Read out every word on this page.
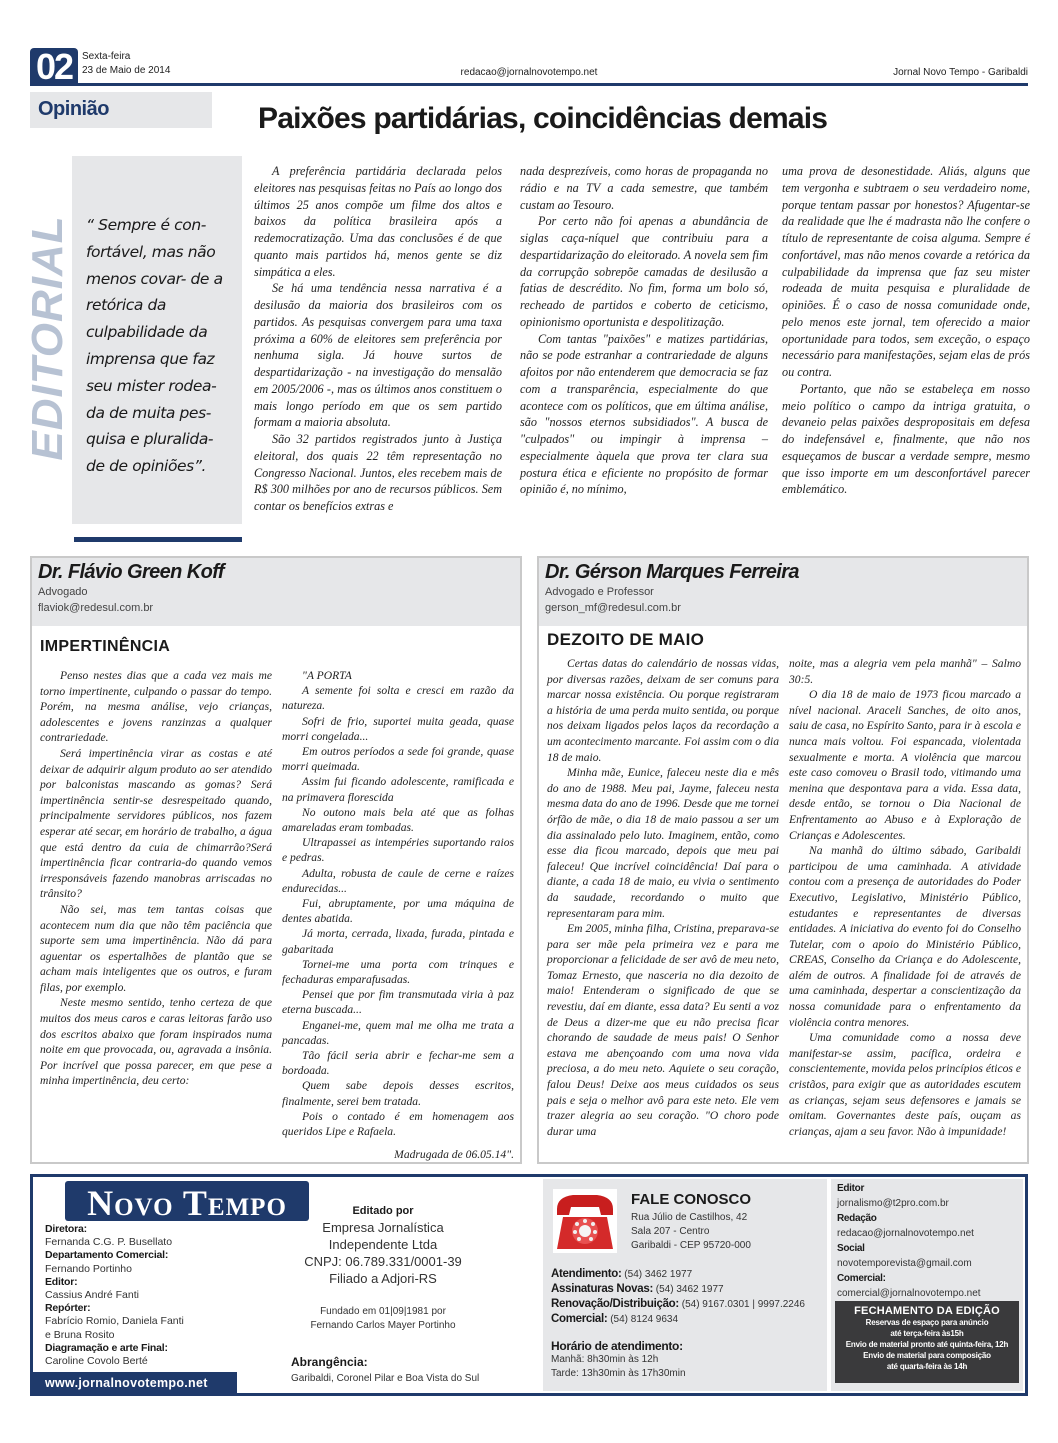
02 Sexta-feira
23 de Maio de 2014	redacao@jornalnovotempo.net	Jornal Novo Tempo - Garibaldi
Opinião	Paixões partidárias, coincidências demais
EDITORIAL “ Sempre é con- fortável, mas não menos covar- de a retórica da culpabilidade da imprensa que faz seu mister rodea- da de muita pes- quisa e pluralida- de de opiniões”.

A preferência partidária declarada pelos eleitores nas pesquisas feitas no País ao longo dos últimos 25 anos compõe um filme dos altos e baixos da política brasileira após a redemocratização. Uma das conclusões é de que quanto mais partidos há, menos gente se diz simpática a eles.

Se há uma tendência nessa narrativa é a desilusão da maioria dos brasileiros com os partidos. As pesquisas convergem para uma taxa próxima a 60% de eleitores sem preferência por nenhuma sigla. Já houve surtos de despartidarização - na investigação do mensalão em 2005/2006 -, mas os últimos anos constituem o mais longo período em que os sem partido formam a maioria absoluta.

São 32 partidos registrados junto à Justiça eleitoral, dos quais 22 têm representação no Congresso Nacional. Juntos, eles recebem mais de R$ 300 milhões por ano de recursos públicos. Sem contar os benefícios extras e

nada desprezíveis, como horas de propaganda no rádio e na TV a cada semestre, que também custam ao Tesouro.

Por certo não foi apenas a abundância de siglas caça-níquel que contribuiu para a despartidarização do eleitorado. A novela sem fim da corrupção sobrepõe camadas de desilusão a fatias de descrédito. No fim, forma um bolo só, recheado de partidos e coberto de ceticismo, opinionismo oportunista e despolitização.

Com tantas "paixões" e matizes partidárias, não se pode estranhar a contrariedade de alguns afoitos por não entenderem que democracia se faz com a transparência, especialmente do que acontece com os políticos, que em última análise, são "nossos eternos subsidiados". A busca de "culpados" ou impingir à imprensa – especialmente àquela que prova ter clara sua postura ética e eficiente no propósito de formar opinião é, no mínimo,

uma prova de desonestidade. Aliás, alguns que tem vergonha e subtraem o seu verdadeiro nome, porque tentam passar por honestos? Afugentar-se da realidade que lhe é madrasta não lhe confere o título de representante de coisa alguma. Sempre é confortável, mas não menos covarde a retórica da culpabilidade da imprensa que faz seu mister rodeada de muita pesquisa e pluralidade de opiniões. É o caso de nossa comunidade onde, pelo menos este jornal, tem oferecido a maior oportunidade para todos, sem exceção, o espaço necessário para manifestações, sejam elas de prós ou contra.

Portanto, que não se estabeleça em nosso meio político o campo da intriga gratuita, o devaneio pelas paixões despropositais em defesa do indefensável e, finalmente, que não nos esqueçamos de buscar a verdade sempre, mesmo que isso importe em um desconfortável parecer emblemático.

Dr. Flávio Green Koff
Advogado
flaviok@redesul.com.br
IMPERTINÊNCIA

Penso nestes dias que a cada vez mais me torno impertinente, culpando o passar do tempo. Porém, na mesma análise, vejo crianças, adolescentes e jovens ranzinzas a qualquer contrariedade.

Será impertinência virar as costas e até deixar de adquirir algum produto ao ser atendido por balconistas mascando as gomas? Será impertinência sentir-se desrespeitado quando, principalmente servidores públicos, nos fazem esperar até secar, em horário de trabalho, a água que está dentro da cuia de chimarrão?Será impertinência ficar contraria-do quando vemos irresponsáveis fazendo manobras arriscadas no trânsito?

Não sei, mas tem tantas coisas que acontecem num dia que não têm paciência que suporte sem uma impertinência. Não dá para aguentar os espertalhões de plantão que se acham mais inteligentes que os outros, e furam filas, por exemplo.

Neste mesmo sentido, tenho certeza de que muitos dos meus caros e caras leitoras farão uso dos escritos abaixo que foram inspirados numa noite em que provocada, ou, agravada a insônia. Por incrível que possa parecer, em que pese a minha impertinência, deu certo:

"A PORTA

A semente foi solta e cresci em razão da natureza.

Sofri de frio, suportei muita geada, quase morri congelada...

Em outros períodos a sede foi grande, quase morri queimada.

Assim fui ficando adolescente, ramificada e na primavera florescida

No outono mais bela até que as folhas amareladas eram tombadas.

Ultrapassei as intempéries suportando raios e pedras.

Adulta, robusta de caule de cerne e raízes endurecidas...

Fui, abruptamente, por uma máquina de dentes abatida.

Já morta, cerrada, lixada, furada, pintada e gabaritada

Tornei-me uma porta com trinques e fechaduras emparafusadas.

Pensei que por fim transmutada viria à paz eterna buscada...

Enganei-me, quem mal me olha me trata a pancadas.

Tão fácil seria abrir e fechar-me sem a bordoada.

Quem sabe depois desses escritos, finalmente, serei bem tratada.

Pois o contado é em homenagem aos queridos Lipe e Rafaela.

Madrugada de 06.05.14".

Dr. Gérson Marques Ferreira
Advogado e Professor
gerson_mf@redesul.com.br
DEZOITO DE MAIO

Certas datas do calendário de nossas vidas, por diversas razões, deixam de ser comuns para marcar nossa existência. Ou porque registraram a história de uma perda muito sentida, ou porque nos deixam ligados pelos laços da recordação a um acontecimento marcante. Foi assim com o dia 18 de maio.

Minha mãe, Eunice, faleceu neste dia e mês do ano de 1988. Meu pai, Jayme, faleceu nesta mesma data do ano de 1996. Desde que me tornei órfão de mãe, o dia 18 de maio passou a ser um dia assinalado pelo luto. Imaginem, então, como esse dia ficou marcado, depois que meu pai faleceu! Que incrível coincidência! Daí para o diante, a cada 18 de maio, eu vivia o sentimento da saudade, recordando o muito que representaram para mim.

Em 2005, minha filha, Cristina, preparava-se para ser mãe pela primeira vez e para me proporcionar a felicidade de ser avô de meu neto, Tomaz Ernesto, que nasceria no dia dezoito de maio! Entenderam o significado de que se revestiu, daí em diante, essa data? Eu senti a voz de Deus a dizer-me que eu não precisa ficar chorando de saudade de meus pais! O Senhor estava me abençoando com uma nova vida preciosa, a do meu neto. Aquiete o seu coração, falou Deus! Deixe aos meus cuidados os seus pais e seja o melhor avô para este neto. Ele vem trazer alegria ao seu coração. "O choro pode durar uma

noite, mas a alegria vem pela manhã" – Salmo 30:5.

O dia 18 de maio de 1973 ficou marcado a nível nacional. Araceli Sanches, de oito anos, saiu de casa, no Espírito Santo, para ir à escola e nunca mais voltou. Foi espancada, violentada sexualmente e morta. A violência que marcou este caso comoveu o Brasil todo, vitimando uma menina que despontava para a vida. Essa data, desde então, se tornou o Dia Nacional de Enfrentamento ao Abuso e à Exploração de Crianças e Adolescentes.

Na manhã do último sábado, Garibaldi participou de uma caminhada. A atividade contou com a presença de autoridades do Poder Executivo, Legislativo, Ministério Público, estudantes e representantes de diversas entidades. A iniciativa do evento foi do Conselho Tutelar, com o apoio do Ministério Público, CREAS, Conselho da Criança e do Adolescente, além de outros. A finalidade foi de através de uma caminhada, despertar a conscientização da nossa comunidade para o enfrentamento da violência contra menores.

Uma comunidade como a nossa deve manifestar-se assim, pacífica, ordeira e conscientemente, movida pelos princípios éticos e cristãos, para exigir que as autoridades escutem as crianças, sejam seus defensores e jamais se omitam. Governantes deste país, ouçam as crianças, ajam a seu favor. Não à impunidade!

Novo Tempo
Diretora:
Fernanda C.G. P. Busellato
Departamento Comercial:
Fernando Portinho
Editor:
Cassius André Fanti
Repórter:
Fabrício Romio, Daniela Fanti
e Bruna Rosito
Diagramação e arte Final:
Caroline Covolo Berté
www.jornalnovotempo.net
Editado por
Empresa Jornalística
Independente Ltda
CNPJ: 06.789.331/0001-39
Filiado a Adjori-RS
Fundado em 01|09|1981 por
Fernando Carlos Mayer Portinho
Abrangência:
Garibaldi, Coronel Pilar e Boa Vista do Sul
FALE CONOSCO
Rua Júlio de Castilhos, 42
Sala 207 - Centro
Garibaldi - CEP 95720-000
Atendimento: (54) 3462 1977
Assinaturas Novas: (54) 3462 1977
Renovação/Distribuição: (54) 9167.0301 | 9997.2246
Comercial: (54) 8124 9634
Horário de atendimento:
Manhã: 8h30min às 12h
Tarde: 13h30min às 17h30min
Editor
jornalismo@t2pro.com.br
Redação
redacao@jornalnovotempo.net
Social
novotemporevista@gmail.com
Comercial:
comercial@jornalnovotempo.net
FECHAMENTO DA EDIÇÃO
Reservas de espaço para anúncio
até terça-feira às15h
Envio de material pronto até quinta-feira, 12h
Envio de material para composição
até quarta-feira às 14h
